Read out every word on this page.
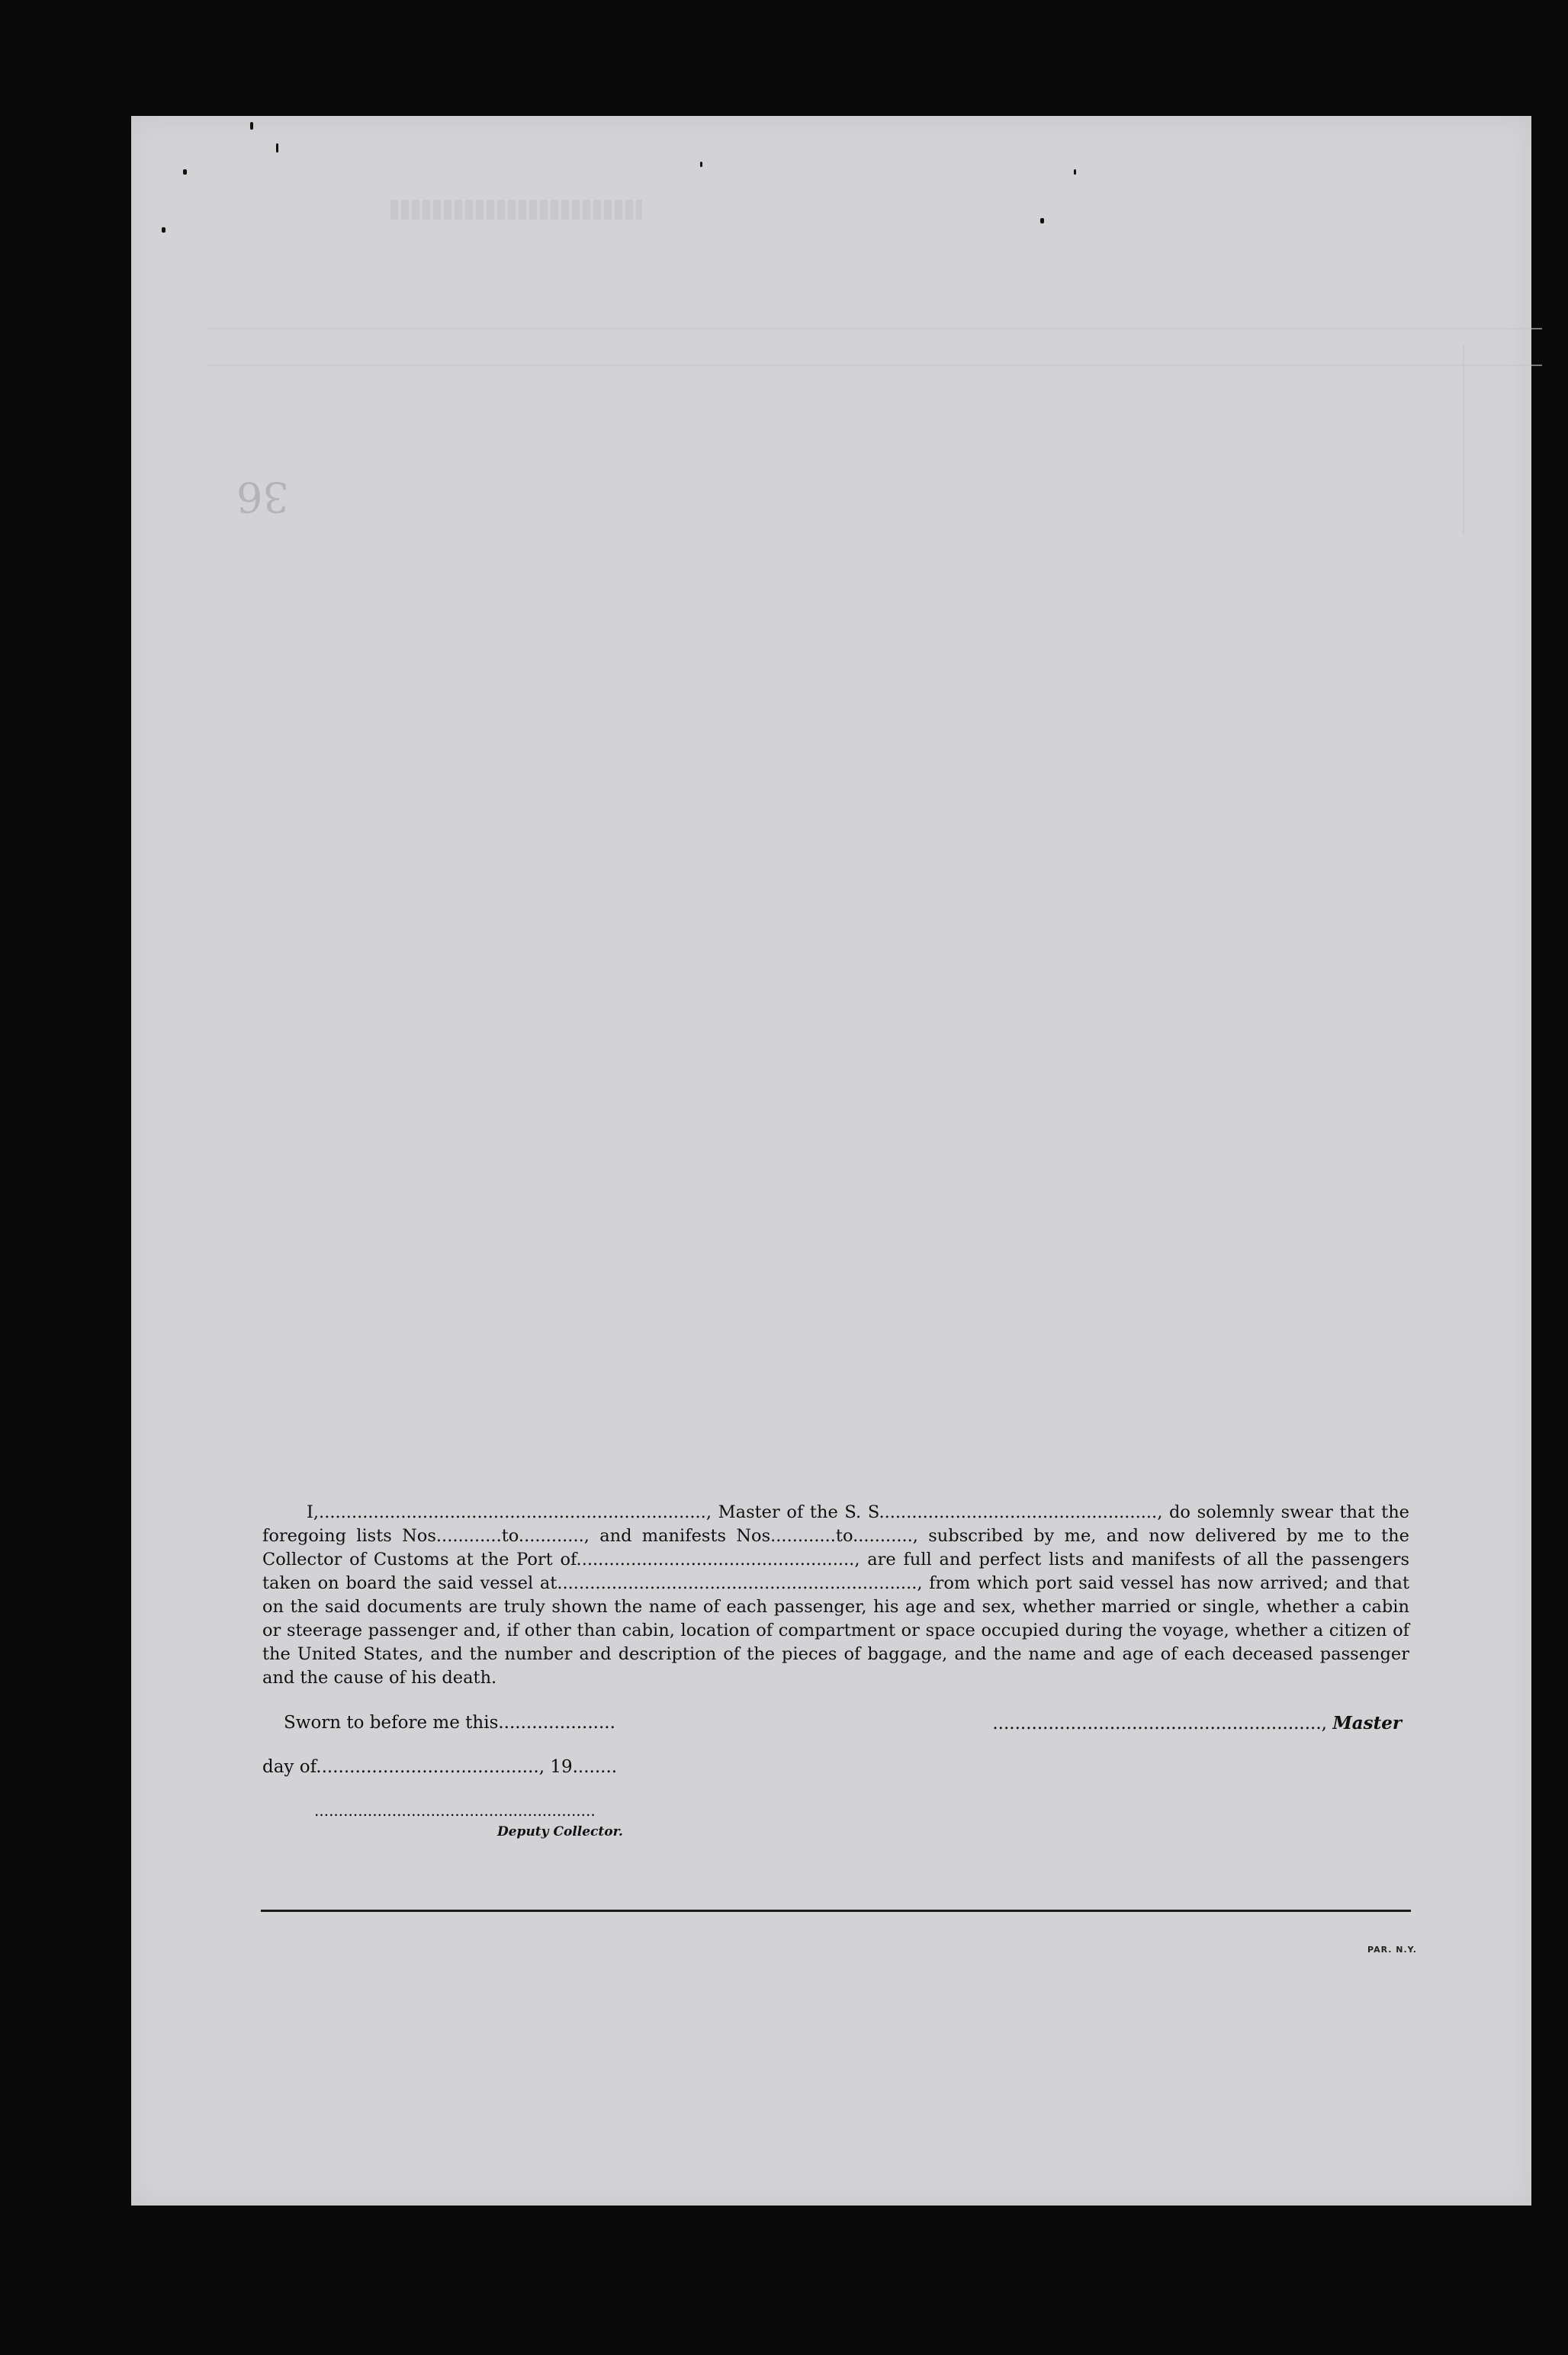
36

I,......................................................................., Master of the S. S..................................................., do solemnly swear that the foregoing lists Nos............to............, and manifests Nos............to..........., subscribed by me, and now delivered by me to the Collector of Customs at the Port of..................................................., are full and perfect lists and manifests of all the passengers taken on board the said vessel at.................................................................., from which port said vessel has now arrived; and that on the said documents are truly shown the name of each passenger, his age and sex, whether married or single, whether a cabin or steerage passenger and, if other than cabin, location of compartment or space occupied during the voyage, whether a citizen of the United States, and the number and description of the pieces of baggage, and the name and age of each deceased passenger and the cause of his death.

Sworn to before me this.....................	..........................................................., Master
day of........................................, 19........
..........................................................
Deputy Collector.
PAR. N.Y.
